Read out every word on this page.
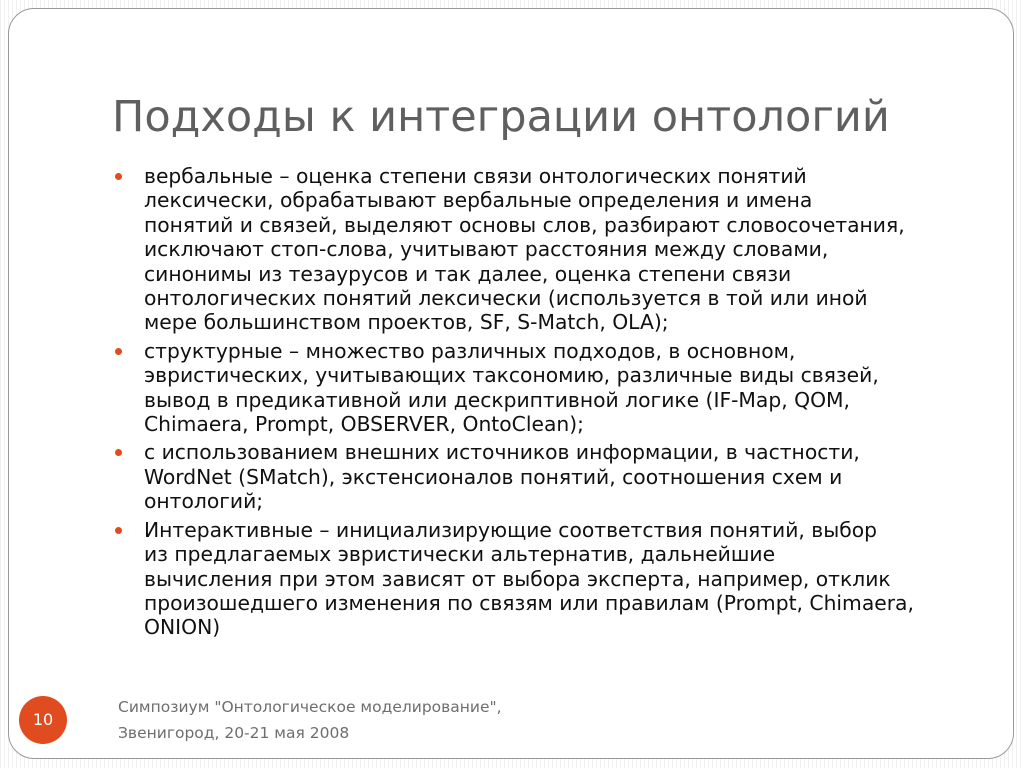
Подходы к интеграции онтологий
вербальные – оценка степени связи онтологических понятий
лексически, обрабатывают вербальные определения и имена
понятий и связей, выделяют основы слов, разбирают словосочетания,
исключают стоп-слова, учитывают расстояния между словами,
синонимы из тезаурусов и так далее, оценка степени связи
онтологических понятий лексически (используется в той или иной
мере большинством проектов, SF, S-Match, OLA);
структурные – множество различных подходов, в основном,
эвристических, учитывающих таксономию, различные виды связей,
вывод в предикативной или дескриптивной логике (IF-Map, QOM,
Chimaera, Prompt, OBSERVER, OntoClean);
с использованием внешних источников информации, в частности,
WordNet (SMatch), экстенсионалов понятий, соотношения схем и
онтологий;
Интерактивные – инициализирующие соответствия понятий, выбор
из предлагаемых эвристически альтернатив, дальнейшие
вычисления при этом зависят от выбора эксперта, например, отклик
произошедшего изменения по связям или правилам (Prompt, Chimaera,
ONION)
10
Симпозиум "Онтологическое моделирование",
Звенигород, 20-21 мая 2008
